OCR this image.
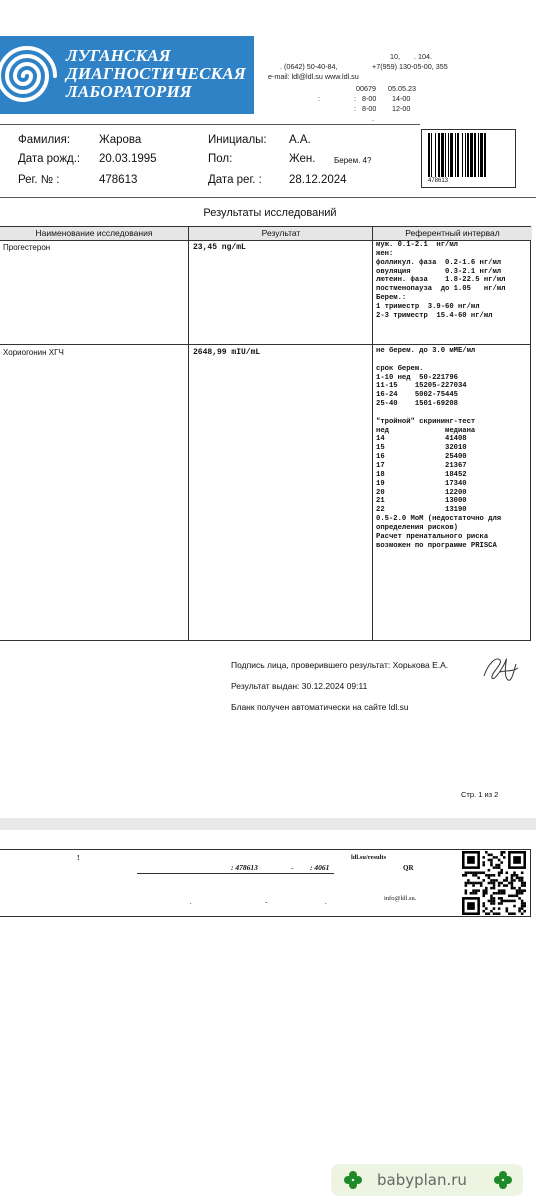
ЛУГАНСКАЯ
ДИАГНОСТИЧЕСКАЯ
ЛАБОРАТОРИЯ
10, . 104.
. (0642) 50-40-84,	+7(959) 130-05-00, 355
e-mail: ldl@ldl.su www.ldl.su
00679 05.05.23
:	: 8-00 14-00
: 8-00 12-00
.
Фамилия:	Жарова	Инициалы: А.А.
Дата рожд.: 20.03.1995	Пол:	Жен. Берем. 4?
Рег. № :	478613	Дата рег. : 28.12.2024	478613
Результаты исследований
Наименование исследования	Результат	Референтный интервал
Прогестерон	23,45 ng/mL	муж. 0.1-2.1  нг/мл
жен:
фолликул. фаза  0.2-1.6 нг/мл
овуляция        0.3-2.1 нг/мл
лютеин. фаза    1.8-22.5 нг/мл
постменопауза  до 1.05   нг/мл
Берем.:
1 триместр  3.9-60 нг/мл
2-3 триместр  15.4-60 нг/мл
Хориогонин ХГЧ	2648,99 mIU/mL	не берем. до 3.0 мМЕ/мл

срок берем.
1-10 нед  50-221796
11-15    15205-227034
16-24    5002-75445
25-40    1501-69208

"тройной" скрининг-тест
нед             медиана
14              41408
15              32010
16              25400
17              21367
18              18452
19              17340
20              12200
21              13000
22              13190
0.5-2.0 МоМ (недостаточно для
определения рисков)
Расчет пренатального риска
возможен по программе PRISCA
Подпись лица, проверившего результат: Хорькова Е.А.
Результат выдан: 30.12.2024 09:11
Бланк получен автоматически на сайте ldl.su
Стр. 1 из 2
!
: 478613	- : 4061
ldl.su/results
QR
.	-	.	info@ldl.su.
babyplan.ru
